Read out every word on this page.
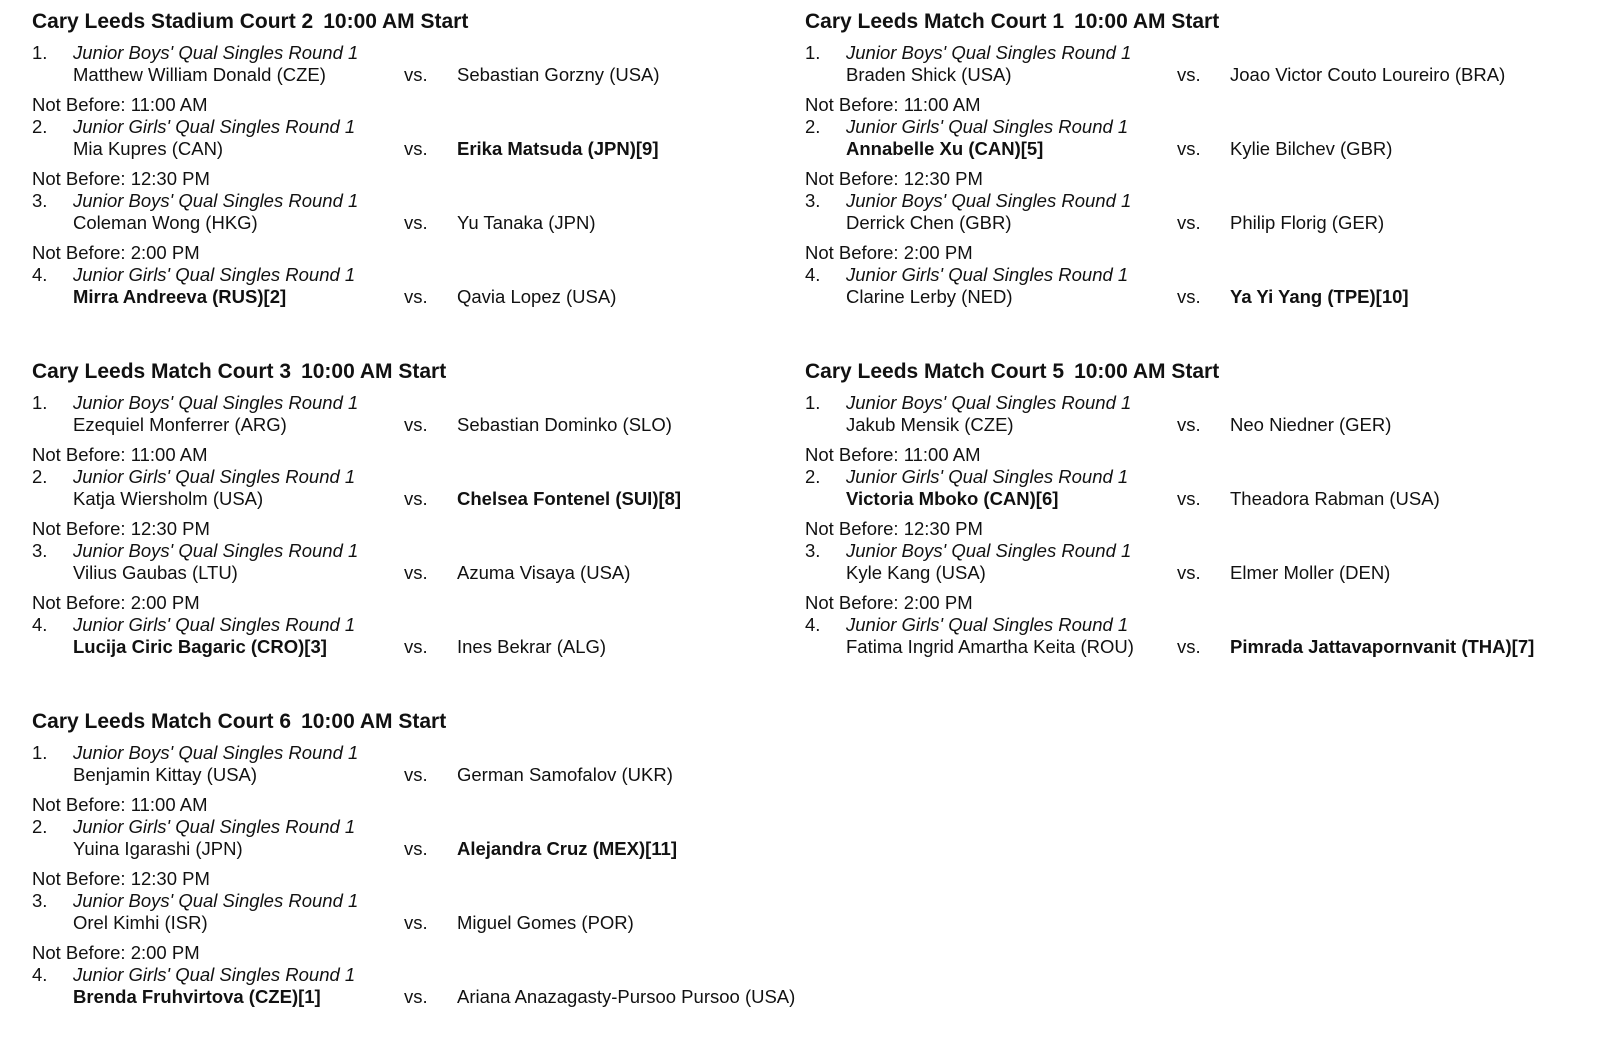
Cary Leeds Stadium Court 2 10:00 AM Start
1. Junior Boys' Qual Singles Round 1
Matthew William Donald (CZE)	vs. Sebastian Gorzny (USA)
Not Before: 11:00 AM
2. Junior Girls' Qual Singles Round 1
Mia Kupres (CAN)	vs. Erika Matsuda (JPN)[9]
Not Before: 12:30 PM
3. Junior Boys' Qual Singles Round 1
Coleman Wong (HKG)	vs. Yu Tanaka (JPN)
Not Before: 2:00 PM
4. Junior Girls' Qual Singles Round 1
Mirra Andreeva (RUS)[2]	vs. Qavia Lopez (USA)
Cary Leeds Match Court 1 10:00 AM Start
1. Junior Boys' Qual Singles Round 1
Braden Shick (USA)	vs. Joao Victor Couto Loureiro (BRA)
Not Before: 11:00 AM
2. Junior Girls' Qual Singles Round 1
Annabelle Xu (CAN)[5]	vs. Kylie Bilchev (GBR)
Not Before: 12:30 PM
3. Junior Boys' Qual Singles Round 1
Derrick Chen (GBR)	vs. Philip Florig (GER)
Not Before: 2:00 PM
4. Junior Girls' Qual Singles Round 1
Clarine Lerby (NED)	vs. Ya Yi Yang (TPE)[10]
Cary Leeds Match Court 3 10:00 AM Start
1. Junior Boys' Qual Singles Round 1
Ezequiel Monferrer (ARG)	vs. Sebastian Dominko (SLO)
Not Before: 11:00 AM
2. Junior Girls' Qual Singles Round 1
Katja Wiersholm (USA)	vs. Chelsea Fontenel (SUI)[8]
Not Before: 12:30 PM
3. Junior Boys' Qual Singles Round 1
Vilius Gaubas (LTU)	vs. Azuma Visaya (USA)
Not Before: 2:00 PM
4. Junior Girls' Qual Singles Round 1
Lucija Ciric Bagaric (CRO)[3]	vs. Ines Bekrar (ALG)
Cary Leeds Match Court 5 10:00 AM Start
1. Junior Boys' Qual Singles Round 1
Jakub Mensik (CZE)	vs. Neo Niedner (GER)
Not Before: 11:00 AM
2. Junior Girls' Qual Singles Round 1
Victoria Mboko (CAN)[6]	vs. Theadora Rabman (USA)
Not Before: 12:30 PM
3. Junior Boys' Qual Singles Round 1
Kyle Kang (USA)	vs. Elmer Moller (DEN)
Not Before: 2:00 PM
4. Junior Girls' Qual Singles Round 1
Fatima Ingrid Amartha Keita (ROU) vs. Pimrada Jattavapornvanit (THA)[7]
Cary Leeds Match Court 6 10:00 AM Start
1. Junior Boys' Qual Singles Round 1
Benjamin Kittay (USA)	vs. German Samofalov (UKR)
Not Before: 11:00 AM
2. Junior Girls' Qual Singles Round 1
Yuina Igarashi (JPN)	vs. Alejandra Cruz (MEX)[11]
Not Before: 12:30 PM
3. Junior Boys' Qual Singles Round 1
Orel Kimhi (ISR)	vs. Miguel Gomes (POR)
Not Before: 2:00 PM
4. Junior Girls' Qual Singles Round 1
Brenda Fruhvirtova (CZE)[1]	vs. Ariana Anazagasty-Pursoo Pursoo (USA)
